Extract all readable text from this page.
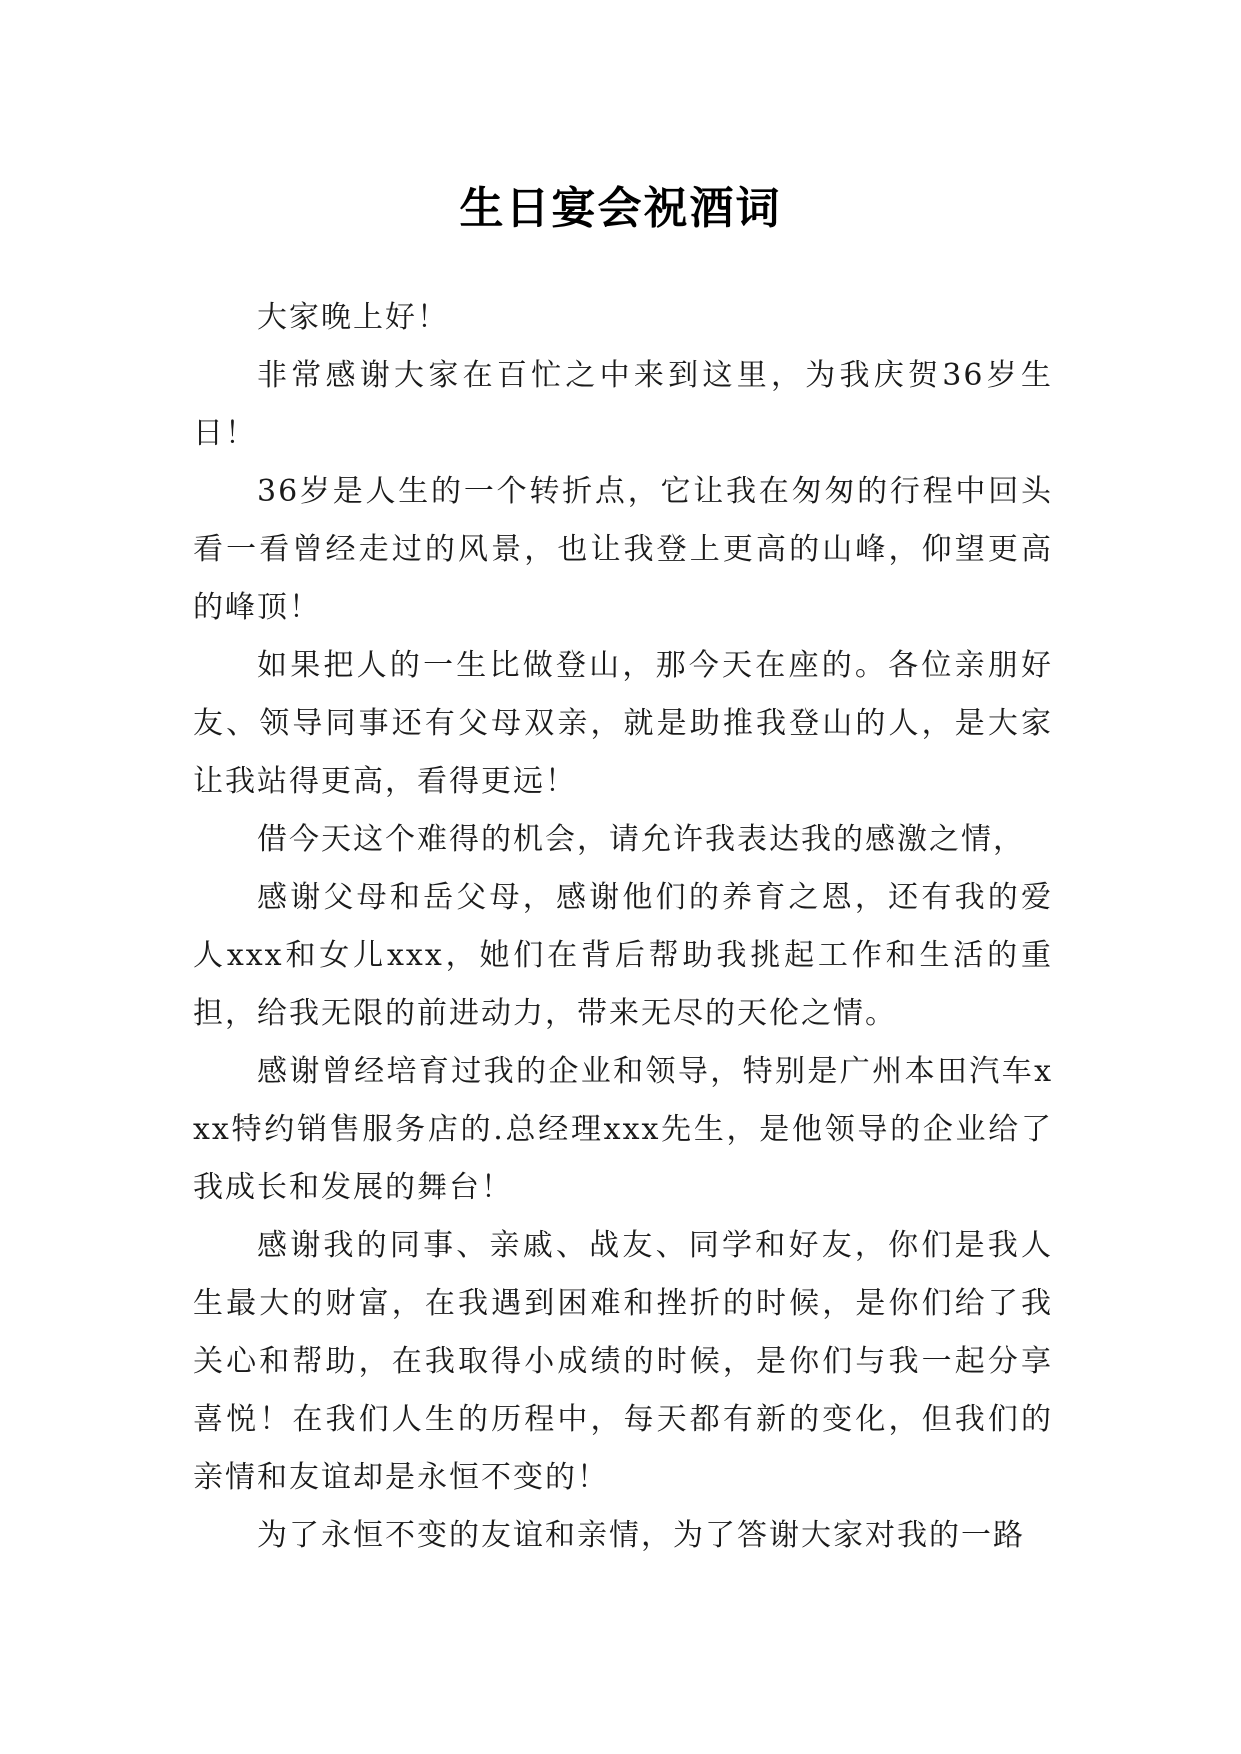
生日宴会祝酒词

大家晚上好！

非常感谢大家在百忙之中来到这里，为我庆贺36岁生日！

36岁是人生的一个转折点，它让我在匆匆的行程中回头看一看曾经走过的风景，也让我登上更高的山峰，仰望更高的峰顶！

如果把人的一生比做登山，那今天在座的。各位亲朋好友、领导同事还有父母双亲，就是助推我登山的人，是大家让我站得更高，看得更远！

借今天这个难得的机会，请允许我表达我的感激之情，

感谢父母和岳父母，感谢他们的养育之恩，还有我的爱人xxx和女儿xxx，她们在背后帮助我挑起工作和生活的重担，给我无限的前进动力，带来无尽的天伦之情。

感谢曾经培育过我的企业和领导，特别是广州本田汽车xxx特约销售服务店的.总经理xxx先生，是他领导的企业给了我成长和发展的舞台！

感谢我的同事、亲戚、战友、同学和好友，你们是我人生最大的财富，在我遇到困难和挫折的时候，是你们给了我关心和帮助，在我取得小成绩的时候，是你们与我一起分享喜悦！在我们人生的历程中，每天都有新的变化，但我们的亲情和友谊却是永恒不变的！

为了永恒不变的友谊和亲情，为了答谢大家对我的一路
